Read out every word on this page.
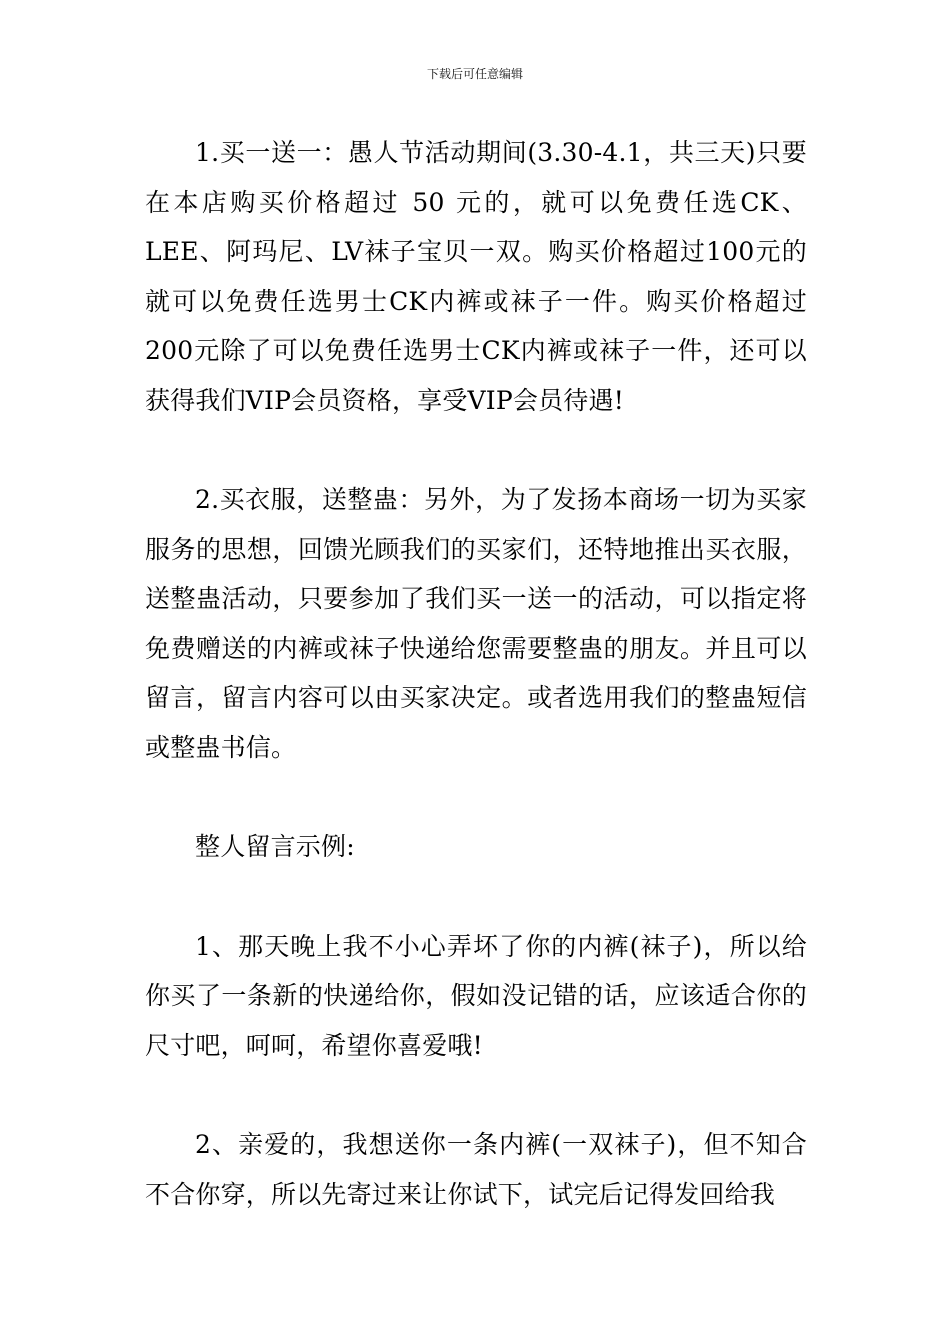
下载后可任意编辑

1.买一送一：愚人节活动期间(3.30-4.1，共三天)只要在本店购买价格超过 50 元的，就可以免费任选CK、LEE、阿玛尼、LV袜子宝贝一双。购买价格超过100元的就可以免费任选男士CK内裤或袜子一件。购买价格超过200元除了可以免费任选男士CK内裤或袜子一件，还可以获得我们VIP会员资格，享受VIP会员待遇!

2.买衣服，送整蛊：另外，为了发扬本商场一切为买家服务的思想，回馈光顾我们的买家们，还特地推出买衣服，送整蛊活动，只要参加了我们买一送一的活动，可以指定将免费赠送的内裤或袜子快递给您需要整蛊的朋友。并且可以留言，留言内容可以由买家决定。或者选用我们的整蛊短信或整蛊书信。

整人留言示例:

1、那天晚上我不小心弄坏了你的内裤(袜子)，所以给你买了一条新的快递给你，假如没记错的话，应该适合你的尺寸吧，呵呵，希望你喜爱哦!

2、亲爱的，我想送你一条内裤(一双袜子)，但不知合不合你穿，所以先寄过来让你试下，试完后记得发回给我
